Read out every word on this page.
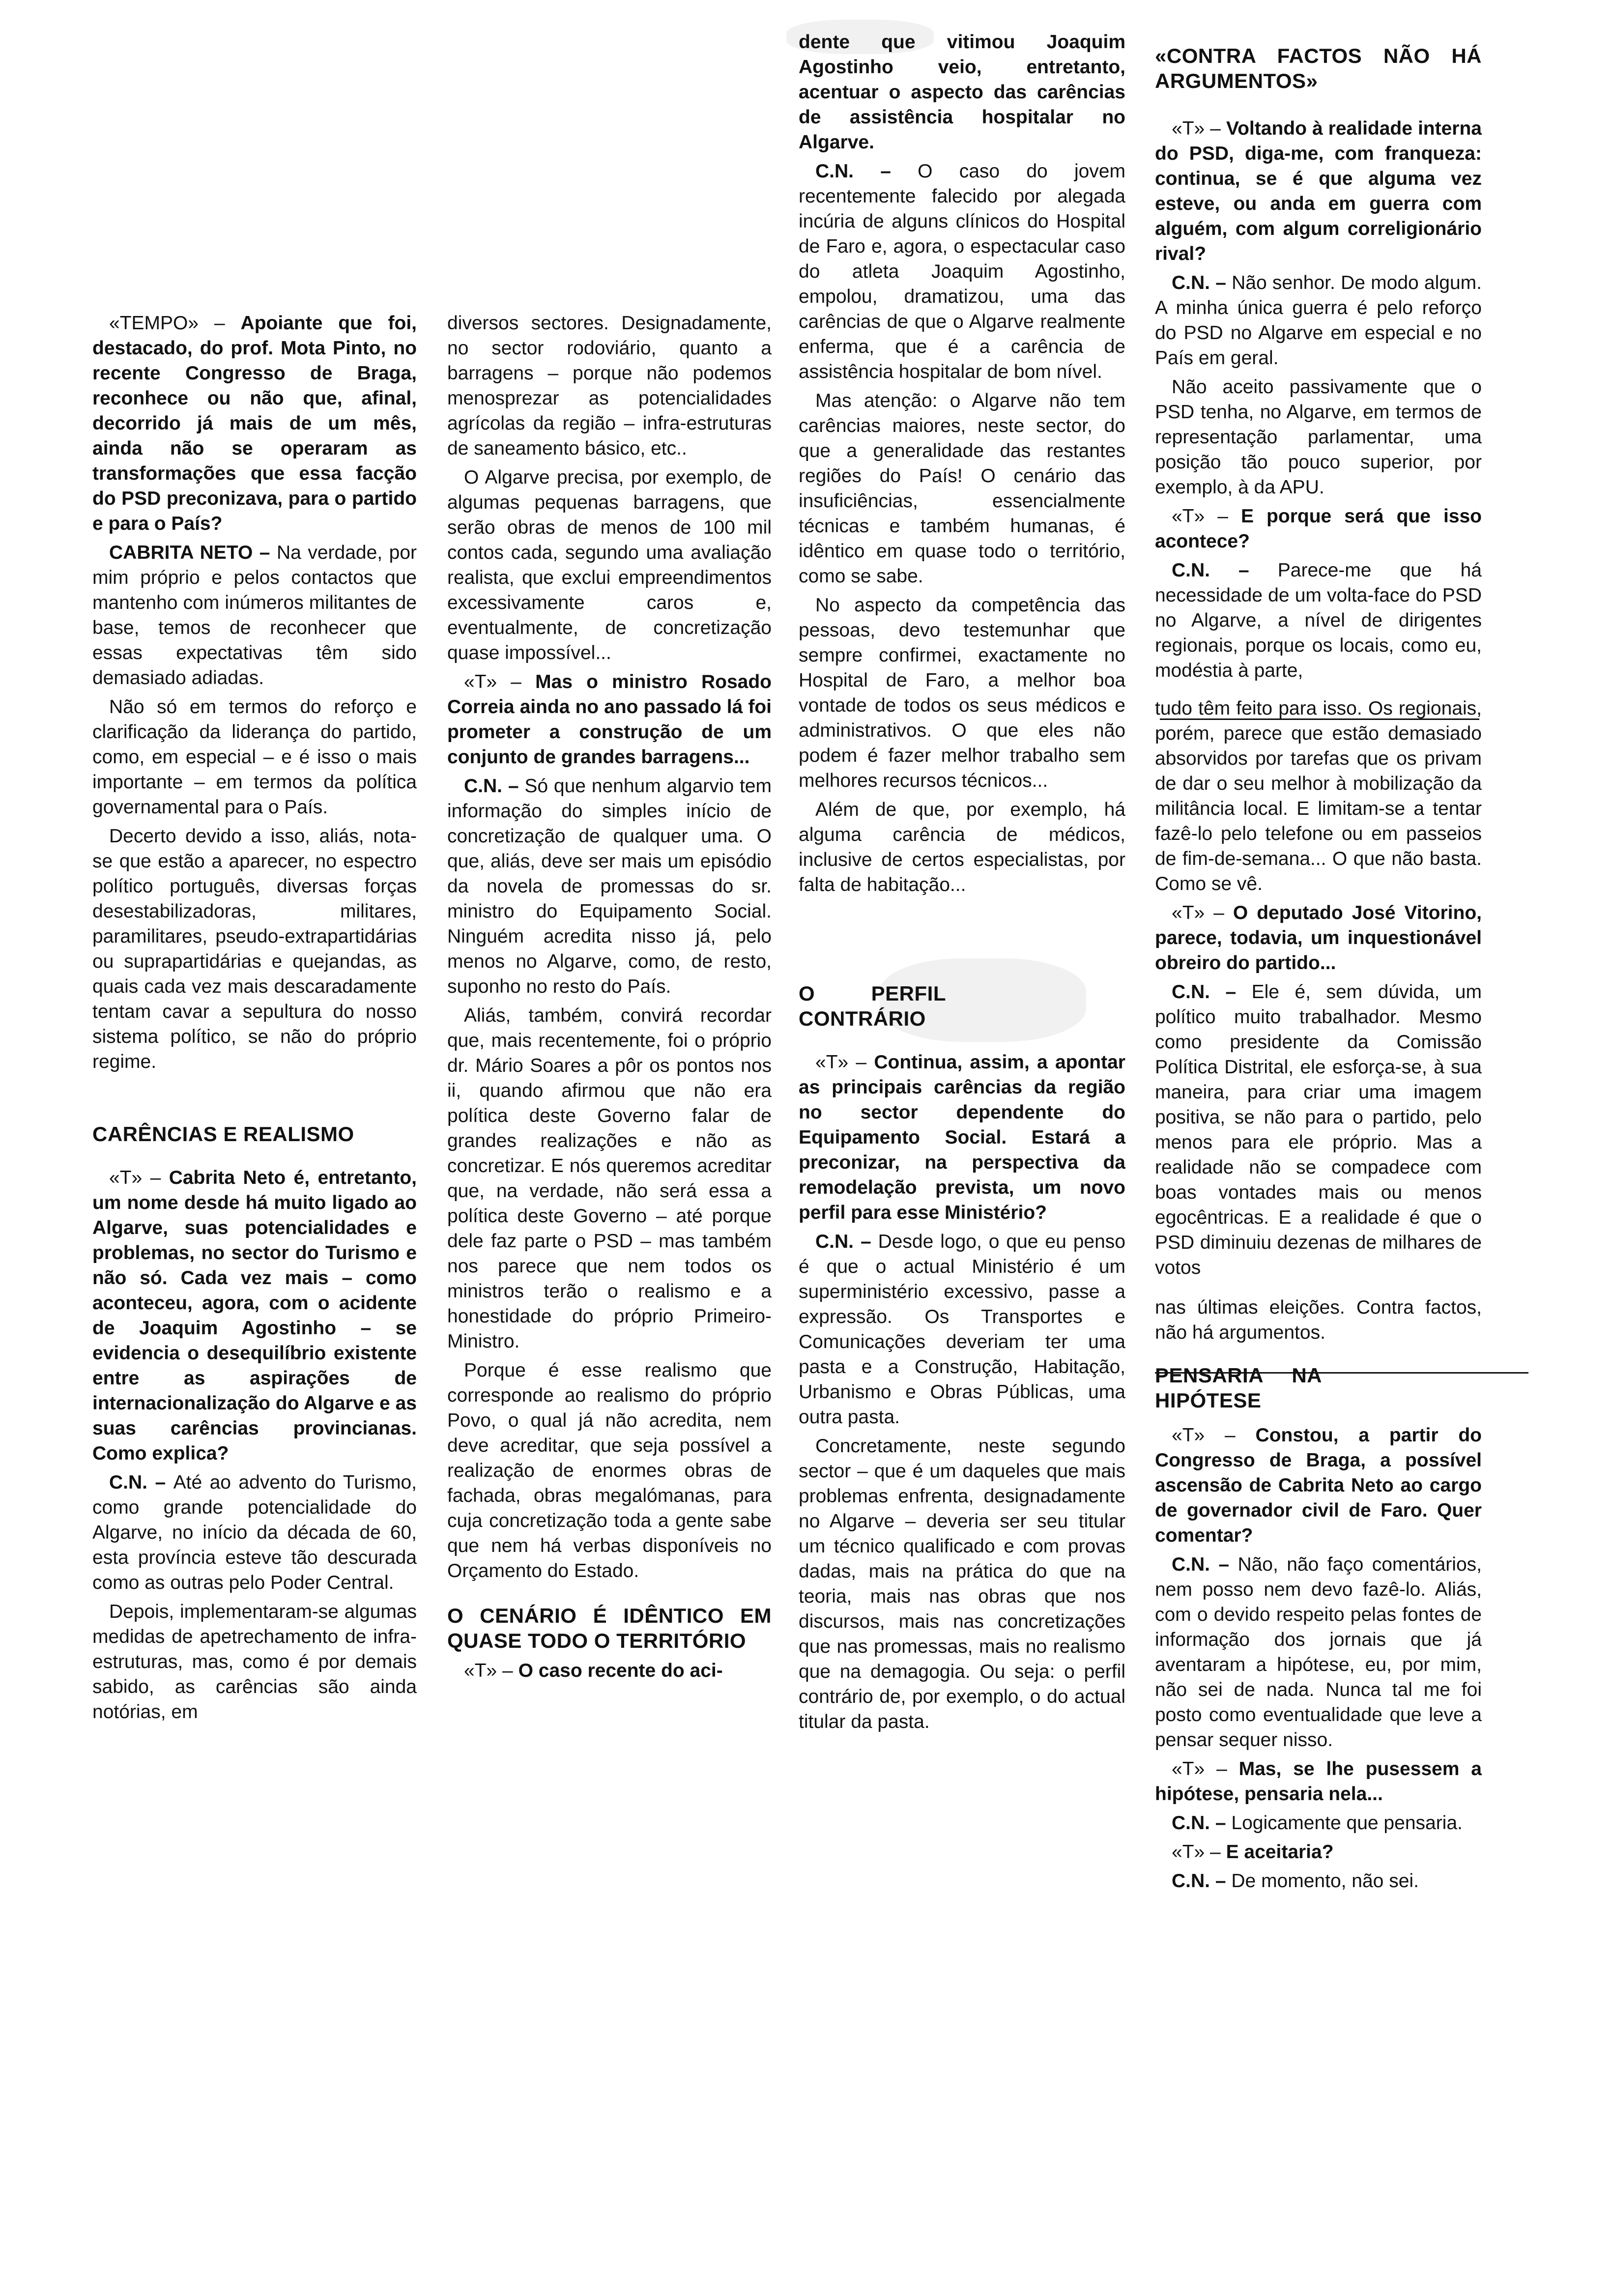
«TEMPO» – Apoiante que foi, destacado, do prof. Mota Pinto, no recente Congresso de Braga, reconhece ou não que, afinal, decorrido já mais de um mês, ainda não se operaram as transformações que essa facção do PSD preconizava, para o partido e para o País?

CABRITA NETO – Na verdade, por mim próprio e pelos contactos que mantenho com inúmeros militantes de base, temos de reconhecer que essas expectativas têm sido demasiado adiadas.

Não só em termos do reforço e clarificação da liderança do partido, como, em especial – e é isso o mais importante – em termos da política governamental para o País.

Decerto devido a isso, aliás, nota-se que estão a aparecer, no espectro político português, diversas forças desestabilizadoras, militares, paramilitares, pseudo-extrapartidárias ou suprapartidárias e quejandas, as quais cada vez mais descaradamente tentam cavar a sepultura do nosso sistema político, se não do próprio regime.

CARÊNCIAS E REALISMO

«T» – Cabrita Neto é, entretanto, um nome desde há muito ligado ao Algarve, suas potencialidades e problemas, no sector do Turismo e não só. Cada vez mais – como aconteceu, agora, com o acidente de Joaquim Agostinho – se evidencia o desequilíbrio existente entre as aspirações de internacionalização do Algarve e as suas carências provincianas. Como explica?

C.N. – Até ao advento do Turismo, como grande potencialidade do Algarve, no início da década de 60, esta província esteve tão descurada como as outras pelo Poder Central.

Depois, implementaram-se algumas medidas de apetrechamento de infra-estruturas, mas, como é por demais sabido, as carências são ainda notórias, em

diversos sectores. Designadamente, no sector rodoviário, quanto a barragens – porque não podemos menosprezar as potencialidades agrícolas da região – infra-estruturas de saneamento básico, etc..

O Algarve precisa, por exemplo, de algumas pequenas barragens, que serão obras de menos de 100 mil contos cada, segundo uma avaliação realista, que exclui empreendimentos excessivamente caros e, eventualmente, de concretização quase impossível...

«T» – Mas o ministro Rosado Correia ainda no ano passado lá foi prometer a construção de um conjunto de grandes barragens...

C.N. – Só que nenhum algarvio tem informação do simples início de concretização de qualquer uma. O que, aliás, deve ser mais um episódio da novela de promessas do sr. ministro do Equipamento Social. Ninguém acredita nisso já, pelo menos no Algarve, como, de resto, suponho no resto do País.

Aliás, também, convirá recordar que, mais recentemente, foi o próprio dr. Mário Soares a pôr os pontos nos ii, quando afirmou que não era política deste Governo falar de grandes realizações e não as concretizar. E nós queremos acreditar que, na verdade, não será essa a política deste Governo – até porque dele faz parte o PSD – mas também nos parece que nem todos os ministros terão o realismo e a honestidade do próprio Primeiro-Ministro.

Porque é esse realismo que corresponde ao realismo do próprio Povo, o qual já não acredita, nem deve acreditar, que seja possível a realização de enormes obras de fachada, obras megalómanas, para cuja concretização toda a gente sabe que nem há verbas disponíveis no Orçamento do Estado.

O CENÁRIO É IDÊNTICO EM QUASE TODO O TERRITÓRIO

«T» – O caso recente do aci-

dente que vitimou Joaquim Agostinho veio, entretanto, acentuar o aspecto das carências de assistência hospitalar no Algarve.

C.N. – O caso do jovem recentemente falecido por alegada incúria de alguns clínicos do Hospital de Faro e, agora, o espectacular caso do atleta Joaquim Agostinho, empolou, dramatizou, uma das carências de que o Algarve realmente enferma, que é a carência de assistência hospitalar de bom nível.

Mas atenção: o Algarve não tem carências maiores, neste sector, do que a generalidade das restantes regiões do País! O cenário das insuficiências, essencialmente técnicas e também humanas, é idêntico em quase todo o território, como se sabe.

No aspecto da competência das pessoas, devo testemunhar que sempre confirmei, exactamente no Hospital de Faro, a melhor boa vontade de todos os seus médicos e administrativos. O que eles não podem é fazer melhor trabalho sem melhores recursos técnicos...

Além de que, por exemplo, há alguma carência de médicos, inclusive de certos especialistas, por falta de habitação...

O PERFIL CONTRÁRIO

«T» – Continua, assim, a apontar as principais carências da região no sector dependente do Equipamento Social. Estará a preconizar, na perspectiva da remodelação prevista, um novo perfil para esse Ministério?

C.N. – Desde logo, o que eu penso é que o actual Ministério é um superministério excessivo, passe a expressão. Os Transportes e Comunicações deveriam ter uma pasta e a Construção, Habitação, Urbanismo e Obras Públicas, uma outra pasta.

Concretamente, neste segundo sector – que é um daqueles que mais problemas enfrenta, designadamente no Algarve – deveria ser seu titular um técnico qualificado e com provas dadas, mais na prática do que na teoria, mais nas obras que nos discursos, mais nas concretizações que nas promessas, mais no realismo que na demagogia. Ou seja: o perfil contrário de, por exemplo, o do actual titular da pasta.

«CONTRA FACTOS NÃO HÁ ARGUMENTOS»

«T» – Voltando à realidade interna do PSD, diga-me, com franqueza: continua, se é que alguma vez esteve, ou anda em guerra com alguém, com algum correligionário rival?

C.N. – Não senhor. De modo algum. A minha única guerra é pelo reforço do PSD no Algarve em especial e no País em geral.

Não aceito passivamente que o PSD tenha, no Algarve, em termos de representação parlamentar, uma posição tão pouco superior, por exemplo, à da APU.

«T» – E porque será que isso acontece?

C.N. – Parece-me que há necessidade de um volta-face do PSD no Algarve, a nível de dirigentes regionais, porque os locais, como eu, modéstia à parte,

tudo têm feito para isso. Os regionais, porém, parece que estão demasiado absorvidos por tarefas que os privam de dar o seu melhor à mobilização da militância local. E limitam-se a tentar fazê-lo pelo telefone ou em passeios de fim-de-semana... O que não basta. Como se vê.

«T» – O deputado José Vitorino, parece, todavia, um inquestionável obreiro do partido...

C.N. – Ele é, sem dúvida, um político muito trabalhador. Mesmo como presidente da Comissão Política Distrital, ele esforça-se, à sua maneira, para criar uma imagem positiva, se não para o partido, pelo menos para ele próprio. Mas a realidade não se compadece com boas vontades mais ou menos egocêntricas. E a realidade é que o PSD diminuiu dezenas de milhares de votos

nas últimas eleições. Contra factos, não há argumentos.

PENSARIA NA HIPÓTESE

«T» – Constou, a partir do Congresso de Braga, a possível ascensão de Cabrita Neto ao cargo de governador civil de Faro. Quer comentar?

C.N. – Não, não faço comentários, nem posso nem devo fazê-lo. Aliás, com o devido respeito pelas fontes de informação dos jornais que já aventaram a hipótese, eu, por mim, não sei de nada. Nunca tal me foi posto como eventualidade que leve a pensar sequer nisso.

«T» – Mas, se lhe pusessem a hipótese, pensaria nela...

C.N. – Logicamente que pensaria.

«T» – E aceitaria?

C.N. – De momento, não sei.
